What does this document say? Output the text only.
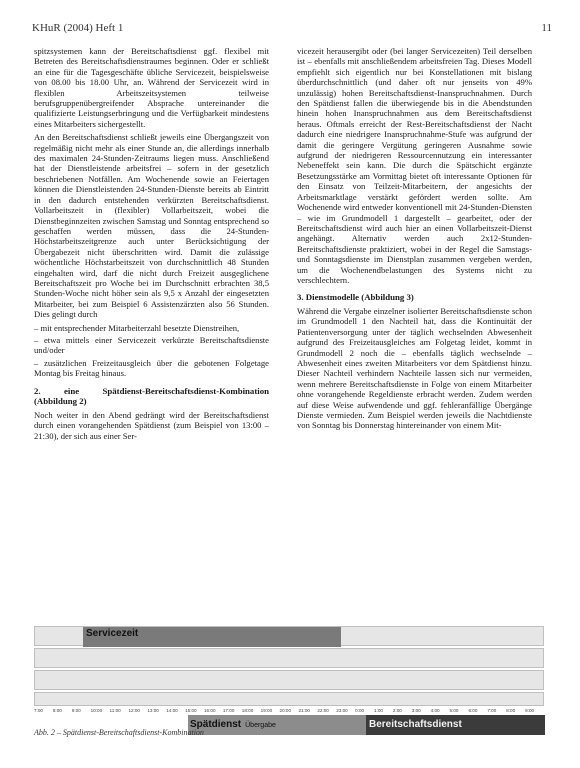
KHuR (2004) Heft 1	11

spitzsystemen kann der Bereitschaftsdienst ggf. flexibel mit Betreten des Bereitschaftsdienstraumes beginnen. Oder er schließt an eine für die Tagesgeschäfte übliche Servicezeit, beispielsweise von 08.00 bis 18.00 Uhr, an. Während der Servicezeit wird in flexiblen Arbeitszeitsystemen teilweise berufsgruppenübergreifender Absprache untereinander die qualifizierte Leistungserbringung und die Verfügbarkeit mindestens eines Mitarbeiters sichergestellt.

An den Bereitschaftsdienst schließt jeweils eine Übergangszeit von regelmäßig nicht mehr als einer Stunde an, die allerdings innerhalb des maximalen 24-Stunden-Zeitraums liegen muss. Anschließend hat der Dienstleistende arbeitsfrei – sofern in der gesetzlich beschriebenen Notfällen. Am Wochenende sowie an Feiertagen können die Dienstleistenden 24-Stunden-Dienste bereits ab Eintritt in den dadurch entstehenden verkürzten Bereitschaftsdienst. Vollarbeitszeit in (flexibler) Vollarbeitszeit, wobei die Dienstbeginnzeiten zwischen Samstag und Sonntag entsprechend so geschaffen werden müssen, dass die 24-Stunden-Höchstarbeitszeitgrenze auch unter Berücksichtigung der Übergabezeit nicht überschritten wird. Damit die zulässige wöchentliche Höchstarbeitszeit von durchschnittlich 48 Stunden eingehalten wird, darf die nicht durch Freizeit ausgeglichene Bereitschaftszeit pro Woche bei im Durchschnitt erbrachten 38,5 Stunden-Woche nicht höher sein als 9,5 x Anzahl der eingesetzten Mitarbeiter, bei zum Beispiel 6 Assistenzärzten also 56 Stunden. Dies gelingt durch

– mit entsprechender Mitarbeiterzahl besetzte Dienstreihen,

– etwa mittels einer Servicezeit verkürzte Bereitschaftsdienste und/oder

– zusätzlichen Freizeitausgleich über die gebotenen Folgetage Montag bis Freitag hinaus.

2. eine Spätdienst-Bereitschaftsdienst-Kombination (Abbildung 2)

Noch weiter in den Abend gedrängt wird der Bereitschaftsdienst durch einen vorangehenden Spätdienst (zum Beispiel von 13:00 – 21:30), der sich aus einer Ser-

vicezeit herausergibt oder (bei langer Servicezeiten) Teil derselben ist – ebenfalls mit anschließendem arbeitsfreien Tag. Dieses Modell empfiehlt sich eigentlich nur bei Konstellationen mit bislang überdurchschnittlich (und daher oft nur jenseits von 49% unzulässig) hohen Bereitschaftsdienst-Inanspruchnahmen. Durch den Spätdienst fallen die überwiegende bis in die Abendstunden hinein hohen Inanspruchnahmen aus dem Bereitschaftsdienst heraus. Oftmals erreicht der Rest-Bereitschaftsdienst der Nacht dadurch eine niedrigere Inanspruchnahme-Stufe was aufgrund der damit die geringere Vergütung geringeren Ausnahme sowie aufgrund der niedrigeren Ressourcennutzung ein interessanter Nebeneffekt sein kann. Die durch die Spätschicht ergänzte Besetzungsstärke am Vormittag bietet oft interessante Optionen für den Einsatz von Teilzeit-Mitarbeitern, der angesichts der Arbeitsmarktlage verstärkt gefördert werden sollte. Am Wochenende wird entweder konventionell mit 24-Stunden-Diensten – wie im Grundmodell 1 dargestellt – gearbeitet, oder der Bereitschaftsdienst wird auch hier an einen Vollarbeitszeit-Dienst angehängt. Alternativ werden auch 2x12-Stunden-Bereitschaftsdienste praktiziert, wobei in der Regel die Samstags- und Sonntagsdienste im Dienstplan zusammen vergeben werden, um die Wochenendbelastungen des Systems nicht zu verschlechtern.

3. Dienstmodelle (Abbildung 3)

Während die Vergabe einzelner isolierter Bereitschaftsdienste schon im Grundmodell 1 den Nachteil hat, dass die Kontinuität der Patientenversorgung unter der täglich wechselnden Abwesenheit aufgrund des Freizeitausgleiches am Folgetag leidet, kommt in Grundmodell 2 noch die – ebenfalls täglich wechselnde – Abwesenheit eines zweiten Mitarbeiters vor dem Spätdienst hinzu. Dieser Nachteil verhindern Nachteile lassen sich nur vermeiden, wenn mehrere Bereitschaftsdienste in Folge von einem Mitarbeiter ohne vorangehende Regeldienste erbracht werden. Zudem werden auf diese Weise aufwendende und ggf. fehleranfällige Übergänge Dienste vermieden. Zum Beispiel werden jeweils die Nachtdienste von Sonntag bis Donnerstag hintereinander von einem Mit-

Servicezeit
Spätdienst Übergabe	Bereitschaftsdienst
7:00 8:00 9:00 10:00 11:00 12:00 13:00 14:00 15:00 16:00 17:00 18:00 19:00 20:00 21:00 22:00 23:00 0:00 1:00 2:00 3:00 4:00 5:00 6:00 7:00 8:00 9:00
Abb. 2 – Spätdienst-Bereitschaftsdienst-Kombination
